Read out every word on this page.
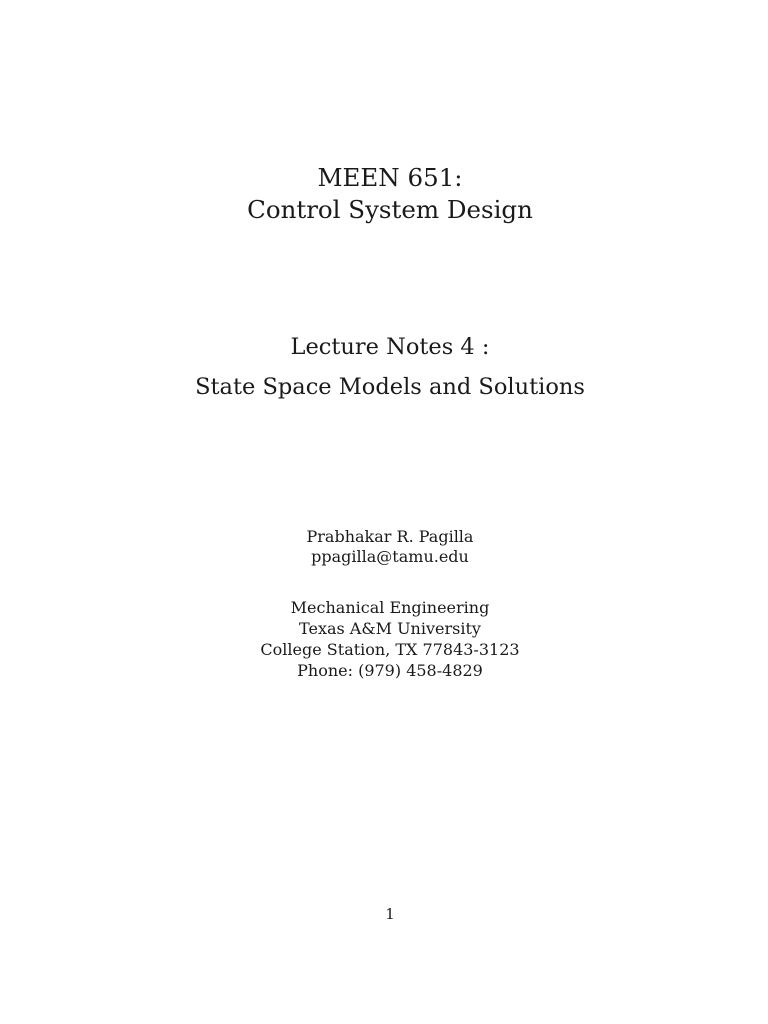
MEEN 651:
Control System Design
Lecture Notes 4 :
State Space Models and Solutions
Prabhakar R. Pagilla
ppagilla@tamu.edu
Mechanical Engineering
Texas A&M University
College Station, TX 77843-3123
Phone: (979) 458-4829
1
